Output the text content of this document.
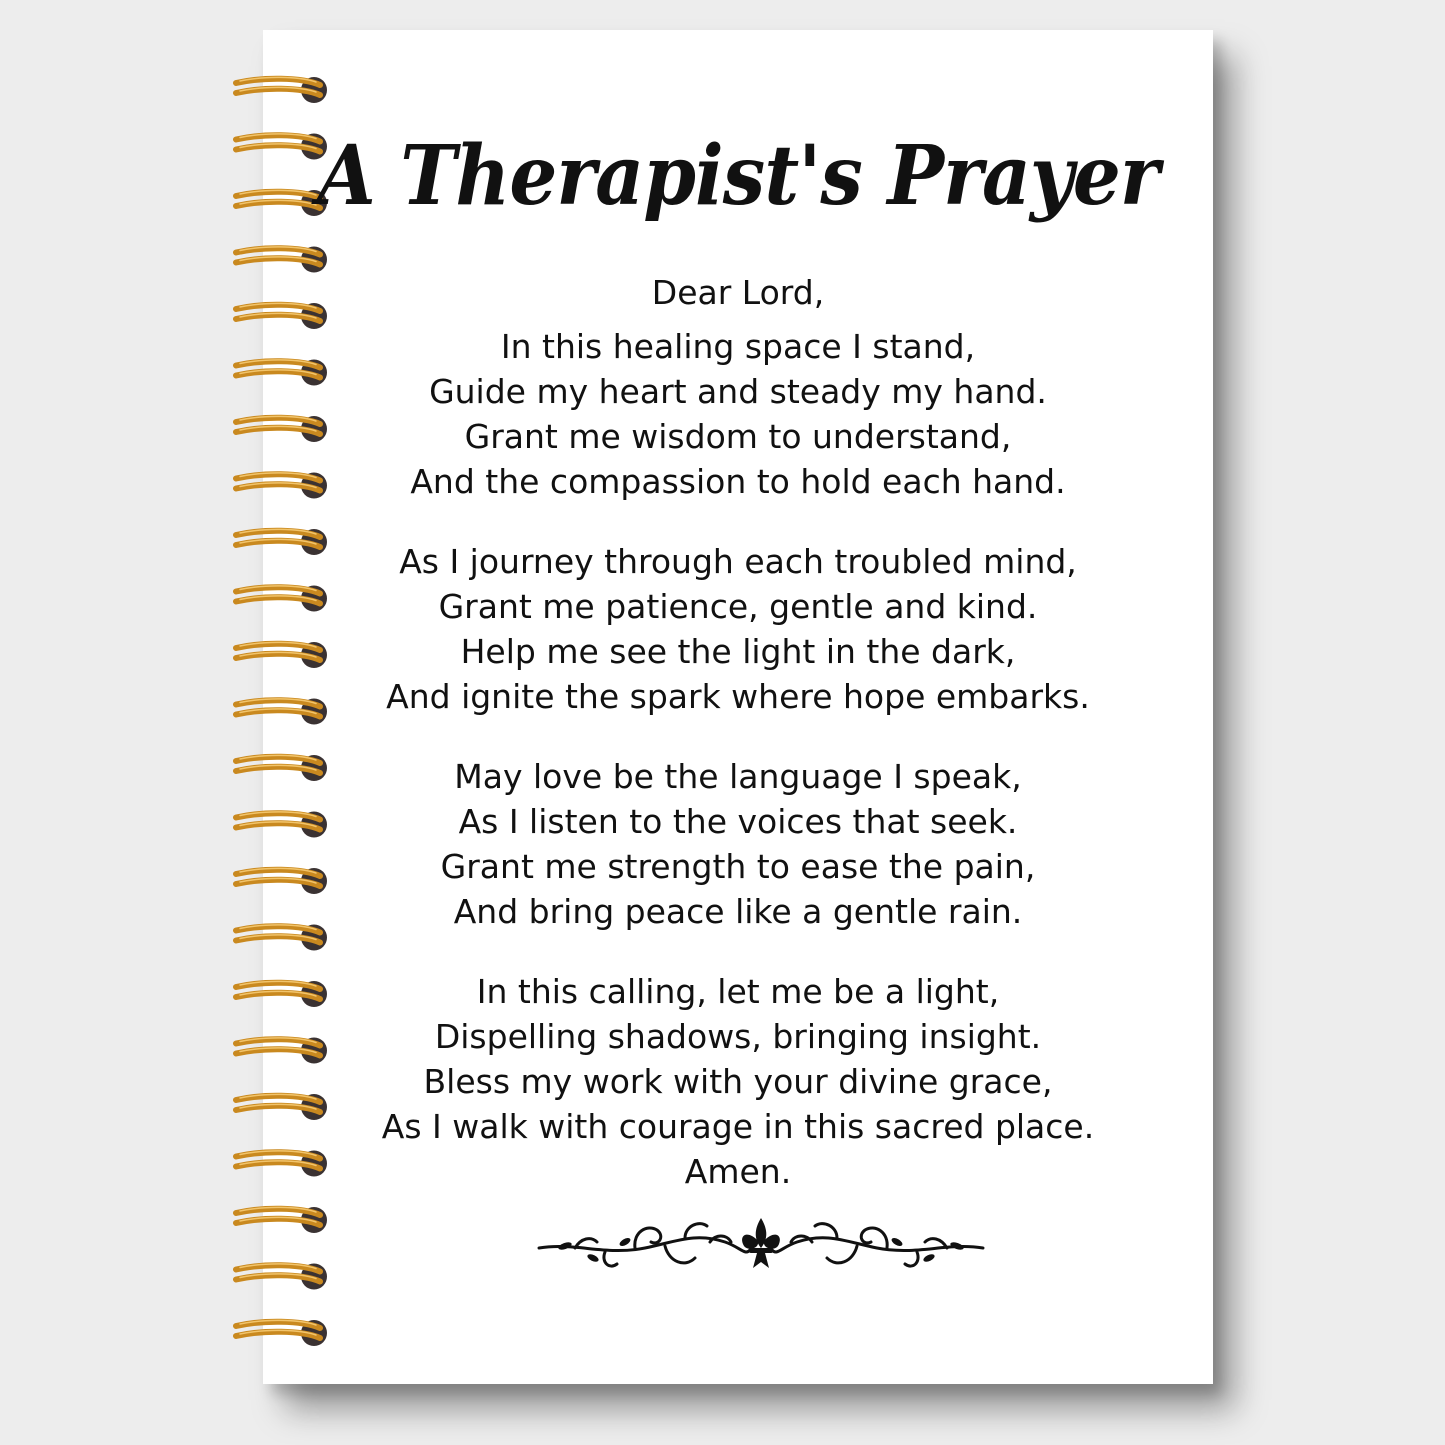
A Therapist's Prayer
Dear Lord,
In this healing space I stand,
Guide my heart and steady my hand.
Grant me wisdom to understand,
And the compassion to hold each hand.
As I journey through each troubled mind,
Grant me patience, gentle and kind.
Help me see the light in the dark,
And ignite the spark where hope embarks.
May love be the language I speak,
As I listen to the voices that seek.
Grant me strength to ease the pain,
And bring peace like a gentle rain.
In this calling, let me be a light,
Dispelling shadows, bringing insight.
Bless my work with your divine grace,
As I walk with courage in this sacred place.
Amen.
